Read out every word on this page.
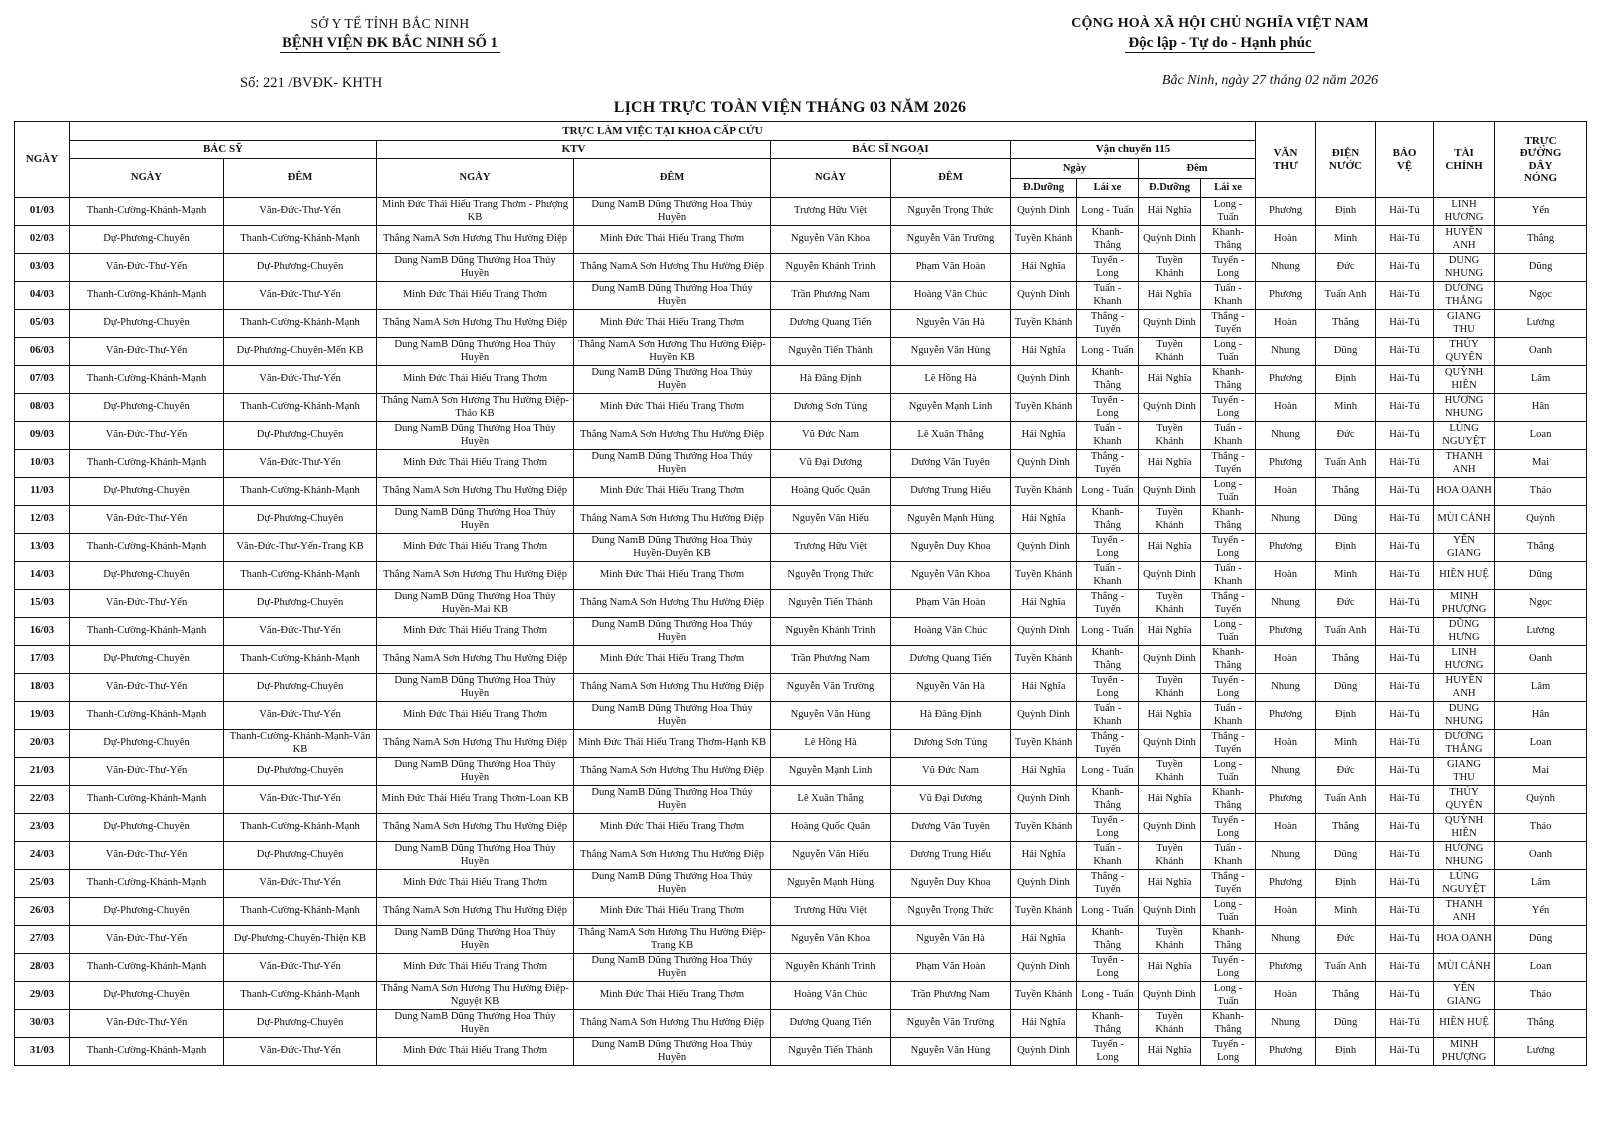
SỞ Y TẾ TỈNH BẮC NINH
BỆNH VIỆN ĐK BẮC NINH SỐ 1
Số: 221 /BVĐK- KHTH
CỘNG HOÀ XÃ HỘI CHỦ NGHĨA VIỆT NAM
Độc lập - Tự do - Hạnh phúc
Bắc Ninh, ngày 27 tháng 02 năm 2026
LỊCH TRỰC TOÀN VIỆN THÁNG 03 NĂM 2026
NGÀY	TRỰC LÀM VIỆC TẠI KHOA CẤP CỨU										VĂN THƯ	ĐIỆN NƯỚC	BẢO VỆ	TÀI CHÍNH	TRỰC ĐƯỜNG DÂY NÓNG

	BÁC SỸ		KTV		BÁC SĨ NGOẠI		Vận chuyển 115								
	NGÀY	ĐÊM	NGÀY	ĐÊM	NGÀY	ĐÊM	Ngày		Đêm						
							Đ.Dưỡng	Lái xe	Đ.Dưỡng	Lái xe					
01/03	Thanh-Cường-Khánh-Mạnh	Văn-Đức-Thư-Yến	Minh Đức Thái Hiếu Trang Thơm - Phượng KB	Dung NamB Dũng Thưởng Hoa Thủy Huyền	Trương Hữu Việt	Nguyễn Trọng Thức	Quỳnh Dinh	Long - Tuấn	Hải Nghĩa	Long - Tuấn	Phương	Định	Hải-Tú	LINH HƯƠNG	Yến
02/03	Dự-Phương-Chuyên	Thanh-Cường-Khánh-Mạnh	Thắng NamA Sơn Hương Thu Hường Điệp	Minh Đức Thái Hiếu Trang Thơm	Nguyễn Văn Khoa	Nguyễn Văn Trường	Tuyền Khánh	Khanh-Thắng	Quỳnh Dinh	Khanh-Thắng	Hoàn	Minh	Hải-Tú	HUYỀN ANH	Thắng
03/03	Văn-Đức-Thư-Yến	Dự-Phương-Chuyên	Dung NamB Dũng Thưởng Hoa Thủy Huyền	Thắng NamA Sơn Hương Thu Hường Điệp	Nguyễn Khánh Trình	Phạm Văn Hoàn	Hải Nghĩa	Tuyến - Long	Tuyền Khánh	Tuyến - Long	Nhung	Đức	Hải-Tú	DUNG NHUNG	Dũng
04/03	Thanh-Cường-Khánh-Mạnh	Văn-Đức-Thư-Yến	Minh Đức Thái Hiếu Trang Thơm	Dung NamB Dũng Thưởng Hoa Thủy Huyền	Trần Phương Nam	Hoàng Văn Chúc	Quỳnh Dinh	Tuấn - Khanh	Hải Nghĩa	Tuấn - Khanh	Phương	Tuấn Anh	Hải-Tú	DƯƠNG THẮNG	Ngọc
05/03	Dự-Phương-Chuyên	Thanh-Cường-Khánh-Mạnh	Thắng NamA Sơn Hương Thu Hường Điệp	Minh Đức Thái Hiếu Trang Thơm	Dương Quang Tiến	Nguyễn Văn Hà	Tuyền Khánh	Thắng - Tuyến	Quỳnh Dinh	Thắng - Tuyến	Hoàn	Thắng	Hải-Tú	GIANG THU	Lương
06/03	Văn-Đức-Thư-Yến	Dự-Phương-Chuyên-Mến KB	Dung NamB Dũng Thưởng Hoa Thủy Huyền	Thắng NamA Sơn Hương Thu Hường Điệp-Huyền KB	Nguyễn Tiến Thành	Nguyễn Văn Hùng	Hải Nghĩa	Long - Tuấn	Tuyền Khánh	Long - Tuấn	Nhung	Dũng	Hải-Tú	THÚY QUYÊN	Oanh
07/03	Thanh-Cường-Khánh-Mạnh	Văn-Đức-Thư-Yến	Minh Đức Thái Hiếu Trang Thơm	Dung NamB Dũng Thưởng Hoa Thủy Huyền	Hà Đăng Định	Lê Hồng Hà	Quỳnh Dinh	Khanh-Thắng	Hải Nghĩa	Khanh-Thắng	Phương	Định	Hải-Tú	QUỲNH HIỀN	Lâm
08/03	Dự-Phương-Chuyên	Thanh-Cường-Khánh-Mạnh	Thắng NamA Sơn Hương Thu Hường Điệp-Thảo KB	Minh Đức Thái Hiếu Trang Thơm	Dương Sơn Tùng	Nguyễn Mạnh Linh	Tuyền Khánh	Tuyến - Long	Quỳnh Dinh	Tuyến - Long	Hoàn	Minh	Hải-Tú	HƯƠNG NHUNG	Hân
09/03	Văn-Đức-Thư-Yến	Dự-Phương-Chuyên	Dung NamB Dũng Thưởng Hoa Thủy Huyền	Thắng NamA Sơn Hương Thu Hường Điệp	Vũ Đức Nam	Lê Xuân Thắng	Hải Nghĩa	Tuấn - Khanh	Tuyền Khánh	Tuấn - Khanh	Nhung	Đức	Hải-Tú	LÙNG NGUYỆT	Loan
10/03	Thanh-Cường-Khánh-Mạnh	Văn-Đức-Thư-Yến	Minh Đức Thái Hiếu Trang Thơm	Dung NamB Dũng Thưởng Hoa Thủy Huyền	Vũ Đại Dương	Dương Văn Tuyên	Quỳnh Dinh	Thắng - Tuyến	Hải Nghĩa	Thắng - Tuyến	Phương	Tuấn Anh	Hải-Tú	THANH ANH	Mai
11/03	Dự-Phương-Chuyên	Thanh-Cường-Khánh-Mạnh	Thắng NamA Sơn Hương Thu Hường Điệp	Minh Đức Thái Hiếu Trang Thơm	Hoàng Quốc Quân	Dương Trung Hiếu	Tuyền Khánh	Long - Tuấn	Quỳnh Dinh	Long - Tuấn	Hoàn	Thắng	Hải-Tú	HOA OANH	Thảo
12/03	Văn-Đức-Thư-Yến	Dự-Phương-Chuyên	Dung NamB Dũng Thưởng Hoa Thủy Huyền	Thắng NamA Sơn Hương Thu Hường Điệp	Nguyễn Văn Hiếu	Nguyễn Mạnh Hùng	Hải Nghĩa	Khanh-Thắng	Tuyền Khánh	Khanh-Thắng	Nhung	Dũng	Hải-Tú	MÙI CẢNH	Quỳnh
13/03	Thanh-Cường-Khánh-Mạnh	Văn-Đức-Thư-Yến-Trang KB	Minh Đức Thái Hiếu Trang Thơm	Dung NamB Dũng Thưởng Hoa Thủy Huyền-Duyên KB	Trương Hữu Việt	Nguyễn Duy Khoa	Quỳnh Dinh	Tuyến - Long	Hải Nghĩa	Tuyến - Long	Phương	Định	Hải-Tú	YẾN GIANG	Thắng
14/03	Dự-Phương-Chuyên	Thanh-Cường-Khánh-Mạnh	Thắng NamA Sơn Hương Thu Hường Điệp	Minh Đức Thái Hiếu Trang Thơm	Nguyễn Trọng Thức	Nguyễn Văn Khoa	Tuyền Khánh	Tuấn - Khanh	Quỳnh Dinh	Tuấn - Khanh	Hoàn	Minh	Hải-Tú	HIỀN HUỆ	Dũng
15/03	Văn-Đức-Thư-Yến	Dự-Phương-Chuyên	Dung NamB Dũng Thưởng Hoa Thủy Huyền-Mai KB	Thắng NamA Sơn Hương Thu Hường Điệp	Nguyễn Tiến Thành	Phạm Văn Hoàn	Hải Nghĩa	Thắng - Tuyến	Tuyền Khánh	Thắng - Tuyến	Nhung	Đức	Hải-Tú	MINH PHƯỢNG	Ngọc
16/03	Thanh-Cường-Khánh-Mạnh	Văn-Đức-Thư-Yến	Minh Đức Thái Hiếu Trang Thơm	Dung NamB Dũng Thưởng Hoa Thủy Huyền	Nguyễn Khánh Trình	Hoàng Văn Chúc	Quỳnh Dinh	Long - Tuấn	Hải Nghĩa	Long - Tuấn	Phương	Tuấn Anh	Hải-Tú	DŨNG HƯNG	Lương
17/03	Dự-Phương-Chuyên	Thanh-Cường-Khánh-Mạnh	Thắng NamA Sơn Hương Thu Hường Điệp	Minh Đức Thái Hiếu Trang Thơm	Trần Phương Nam	Dương Quang Tiến	Tuyền Khánh	Khanh-Thắng	Quỳnh Dinh	Khanh-Thắng	Hoàn	Thắng	Hải-Tú	LINH HƯƠNG	Oanh
18/03	Văn-Đức-Thư-Yến	Dự-Phương-Chuyên	Dung NamB Dũng Thưởng Hoa Thủy Huyền	Thắng NamA Sơn Hương Thu Hường Điệp	Nguyễn Văn Trường	Nguyễn Văn Hà	Hải Nghĩa	Tuyến - Long	Tuyền Khánh	Tuyến - Long	Nhung	Dũng	Hải-Tú	HUYỀN ANH	Lâm
19/03	Thanh-Cường-Khánh-Mạnh	Văn-Đức-Thư-Yến	Minh Đức Thái Hiếu Trang Thơm	Dung NamB Dũng Thưởng Hoa Thủy Huyền	Nguyễn Văn Hùng	Hà Đăng Định	Quỳnh Dinh	Tuấn - Khanh	Hải Nghĩa	Tuấn - Khanh	Phương	Định	Hải-Tú	DUNG NHUNG	Hân
20/03	Dự-Phương-Chuyên	Thanh-Cường-Khánh-Mạnh-Vân KB	Thắng NamA Sơn Hương Thu Hường Điệp	Minh Đức Thái Hiếu Trang Thơm-Hạnh KB	Lê Hồng Hà	Dương Sơn Tùng	Tuyền Khánh	Thắng - Tuyến	Quỳnh Dinh	Thắng - Tuyến	Hoàn	Minh	Hải-Tú	DƯƠNG THẮNG	Loan
21/03	Văn-Đức-Thư-Yến	Dự-Phương-Chuyên	Dung NamB Dũng Thưởng Hoa Thủy Huyền	Thắng NamA Sơn Hương Thu Hường Điệp	Nguyễn Mạnh Linh	Vũ Đức Nam	Hải Nghĩa	Long - Tuấn	Tuyền Khánh	Long - Tuấn	Nhung	Đức	Hải-Tú	GIANG THU	Mai
22/03	Thanh-Cường-Khánh-Mạnh	Văn-Đức-Thư-Yến	Minh Đức Thái Hiếu Trang Thơm-Loan KB	Dung NamB Dũng Thưởng Hoa Thủy Huyền	Lê Xuân Thắng	Vũ Đại Dương	Quỳnh Dinh	Khanh-Thắng	Hải Nghĩa	Khanh-Thắng	Phương	Tuấn Anh	Hải-Tú	THÚY QUYÊN	Quỳnh
23/03	Dự-Phương-Chuyên	Thanh-Cường-Khánh-Mạnh	Thắng NamA Sơn Hương Thu Hường Điệp	Minh Đức Thái Hiếu Trang Thơm	Hoàng Quốc Quân	Dương Văn Tuyên	Tuyền Khánh	Tuyến - Long	Quỳnh Dinh	Tuyến - Long	Hoàn	Thắng	Hải-Tú	QUỲNH HIỀN	Thảo
24/03	Văn-Đức-Thư-Yến	Dự-Phương-Chuyên	Dung NamB Dũng Thưởng Hoa Thủy Huyền	Thắng NamA Sơn Hương Thu Hường Điệp	Nguyễn Văn Hiếu	Dương Trung Hiếu	Hải Nghĩa	Tuấn - Khanh	Tuyền Khánh	Tuấn - Khanh	Nhung	Dũng	Hải-Tú	HƯƠNG NHUNG	Oanh
25/03	Thanh-Cường-Khánh-Mạnh	Văn-Đức-Thư-Yến	Minh Đức Thái Hiếu Trang Thơm	Dung NamB Dũng Thưởng Hoa Thủy Huyền	Nguyễn Mạnh Hùng	Nguyễn Duy Khoa	Quỳnh Dinh	Thắng - Tuyến	Hải Nghĩa	Thắng - Tuyến	Phương	Định	Hải-Tú	LÙNG NGUYỆT	Lâm
26/03	Dự-Phương-Chuyên	Thanh-Cường-Khánh-Mạnh	Thắng NamA Sơn Hương Thu Hường Điệp	Minh Đức Thái Hiếu Trang Thơm	Trương Hữu Việt	Nguyễn Trọng Thức	Tuyền Khánh	Long - Tuấn	Quỳnh Dinh	Long - Tuấn	Hoàn	Minh	Hải-Tú	THANH ANH	Yến
27/03	Văn-Đức-Thư-Yến	Dự-Phương-Chuyên-Thiện KB	Dung NamB Dũng Thưởng Hoa Thủy Huyền	Thắng NamA Sơn Hương Thu Hường Điệp-Trang KB	Nguyễn Văn Khoa	Nguyễn Văn Hà	Hải Nghĩa	Khanh-Thắng	Tuyền Khánh	Khanh-Thắng	Nhung	Đức	Hải-Tú	HOA OANH	Dũng
28/03	Thanh-Cường-Khánh-Mạnh	Văn-Đức-Thư-Yến	Minh Đức Thái Hiếu Trang Thơm	Dung NamB Dũng Thưởng Hoa Thủy Huyền	Nguyễn Khánh Trình	Phạm Văn Hoàn	Quỳnh Dinh	Tuyến - Long	Hải Nghĩa	Tuyến - Long	Phương	Tuấn Anh	Hải-Tú	MÙI CẢNH	Loan
29/03	Dự-Phương-Chuyên	Thanh-Cường-Khánh-Mạnh	Thắng NamA Sơn Hương Thu Hường Điệp-Nguyệt KB	Minh Đức Thái Hiếu Trang Thơm	Hoàng Văn Chúc	Trần Phương Nam	Tuyền Khánh	Long - Tuấn	Quỳnh Dinh	Long - Tuấn	Hoàn	Thắng	Hải-Tú	YẾN GIANG	Thảo
30/03	Văn-Đức-Thư-Yến	Dự-Phương-Chuyên	Dung NamB Dũng Thưởng Hoa Thủy Huyền	Thắng NamA Sơn Hương Thu Hường Điệp	Dương Quang Tiến	Nguyễn Văn Trường	Hải Nghĩa	Khanh-Thắng	Tuyền Khánh	Khanh-Thắng	Nhung	Dũng	Hải-Tú	HIỀN HUỆ	Thắng
31/03	Thanh-Cường-Khánh-Mạnh	Văn-Đức-Thư-Yến	Minh Đức Thái Hiếu Trang Thơm	Dung NamB Dũng Thưởng Hoa Thủy Huyền	Nguyễn Tiến Thành	Nguyễn Văn Hùng	Quỳnh Dinh	Tuyến - Long	Hải Nghĩa	Tuyến - Long	Phương	Định	Hải-Tú	MINH PHƯỢNG	Lương
